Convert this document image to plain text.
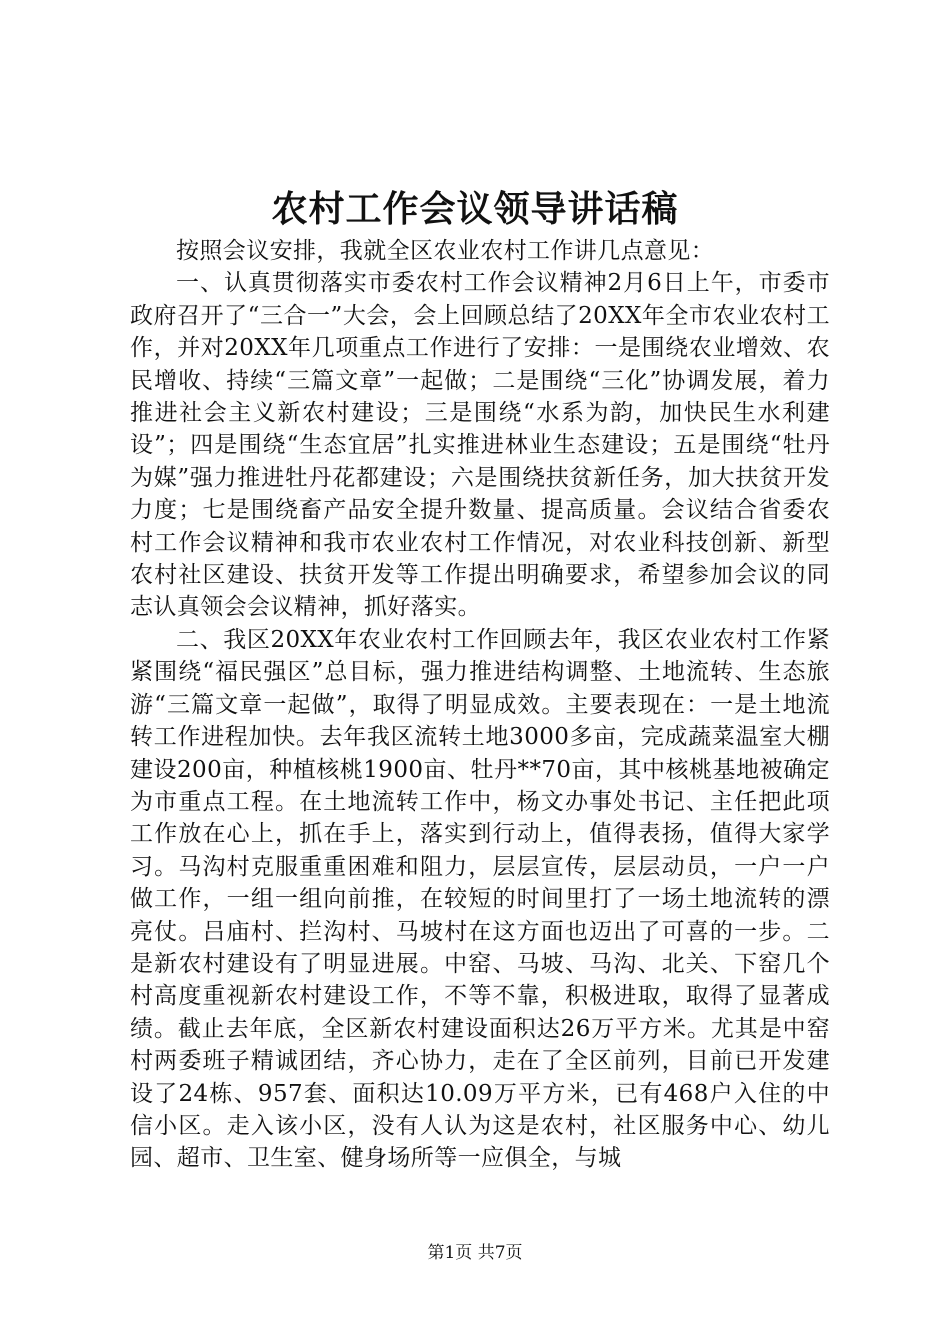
农村工作会议领导讲话稿

按照会议安排，我就全区农业农村工作讲几点意见：

一、认真贯彻落实市委农村工作会议精神2月6日上午，市委市政府召开了“三合一”大会，会上回顾总结了20XX年全市农业农村工作，并对20XX年几项重点工作进行了安排：一是围绕农业增效、农民增收、持续“三篇文章”一起做；二是围绕“三化”协调发展，着力推进社会主义新农村建设；三是围绕“水系为韵，加快民生水利建设”；四是围绕“生态宜居”扎实推进林业生态建设；五是围绕“牡丹为媒”强力推进牡丹花都建设；六是围绕扶贫新任务，加大扶贫开发力度；七是围绕畜产品安全提升数量、提高质量。会议结合省委农村工作会议精神和我市农业农村工作情况，对农业科技创新、新型农村社区建设、扶贫开发等工作提出明确要求，希望参加会议的同志认真领会会议精神，抓好落实。

二、我区20XX年农业农村工作回顾去年，我区农业农村工作紧紧围绕“福民强区”总目标，强力推进结构调整、土地流转、生态旅游“三篇文章一起做”，取得了明显成效。主要表现在：一是土地流转工作进程加快。去年我区流转土地3000多亩，完成蔬菜温室大棚建设200亩，种植核桃1900亩、牡丹**70亩，其中核桃基地被确定为市重点工程。在土地流转工作中，杨文办事处书记、主任把此项工作放在心上，抓在手上，落实到行动上，值得表扬，值得大家学习。马沟村克服重重困难和阻力，层层宣传，层层动员，一户一户做工作，一组一组向前推，在较短的时间里打了一场土地流转的漂亮仗。吕庙村、拦沟村、马坡村在这方面也迈出了可喜的一步。二是新农村建设有了明显进展。中窑、马坡、马沟、北关、下窑几个村高度重视新农村建设工作，不等不靠，积极进取，取得了显著成绩。截止去年底，全区新农村建设面积达26万平方米。尤其是中窑村两委班子精诚团结，齐心协力，走在了全区前列，目前已开发建设了24栋、957套、面积达10.09万平方米，已有468户入住的中信小区。走入该小区，没有人认为这是农村，社区服务中心、幼儿园、超市、卫生室、健身场所等一应俱全，与城

第1页 共7页
